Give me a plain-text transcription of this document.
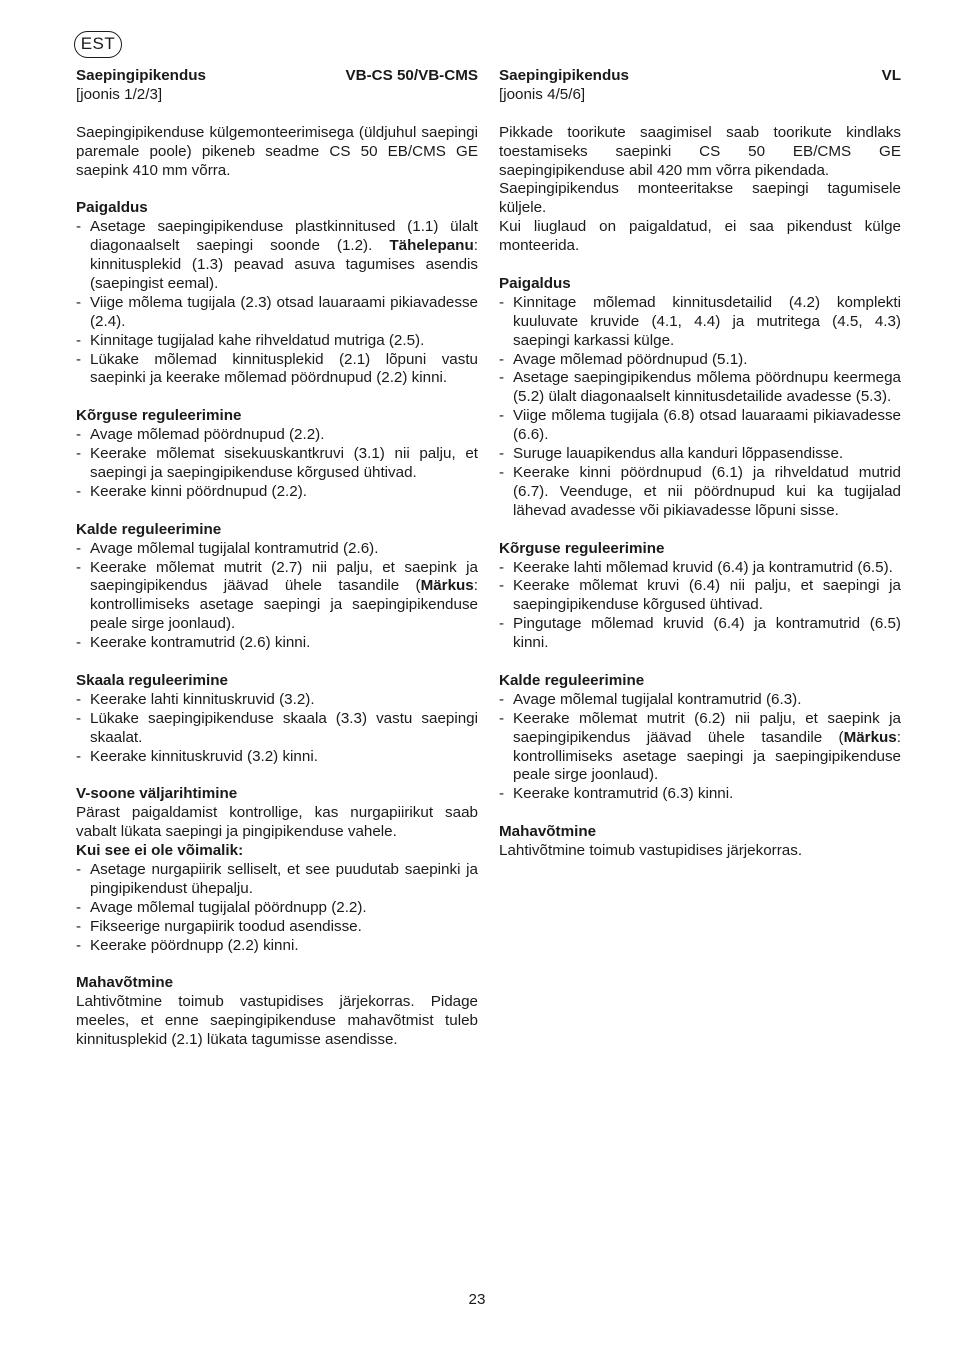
EST
Saepingipikendus	VB-CS 50/VB-CMS
[joonis 1/2/3]

Saepingipikenduse külgemonteerimisega (üldjuhul saepingi paremale poole) pikeneb seadme CS 50 EB/CMS GE saepink 410 mm võrra.

Paigaldus
- Asetage saepingipikenduse plastkinnitused (1.1) ülalt diagonaalselt saepingi soonde (1.2). Tähelepanu: kinnitusplekid (1.3) peavad asuva tagumises asendis (saepingist eemal).
- Viige mõlema tugijala (2.3) otsad lauaraami pikiavadesse (2.4).
- Kinnitage tugijalad kahe rihveldatud mutriga (2.5).
- Lükake mõlemad kinnitusplekid (2.1) lõpuni vastu saepinki ja keerake mõlemad pöördnupud (2.2) kinni.
Kõrguse reguleerimine
- Avage mõlemad pöördnupud (2.2).
- Keerake mõlemat sisekuuskantkruvi (3.1) nii palju, et saepingi ja saepingipikenduse kõrgused ühtivad.
- Keerake kinni pöördnupud (2.2).
Kalde reguleerimine
- Avage mõlemal tugijalal kontramutrid (2.6).
- Keerake mõlemat mutrit (2.7) nii palju, et saepink ja saepingipikendus jäävad ühele tasandile (Märkus: kontrollimiseks asetage saepingi ja saepingipikenduse peale sirge joonlaud).
- Keerake kontramutrid (2.6) kinni.
Skaala reguleerimine
- Keerake lahti kinnituskruvid (3.2).
- Lükake saepingipikenduse skaala (3.3) vastu saepingi skaalat.
- Keerake kinnituskruvid (3.2) kinni.
V-soone väljarihtimine

Pärast paigaldamist kontrollige, kas nurgapiirikut saab vabalt lükata saepingi ja pingipikenduse vahele.

Kui see ei ole võimalik:
- Asetage nurgapiirik selliselt, et see puudutab saepinki ja pingipikendust ühepalju.
- Avage mõlemal tugijalal pöördnupp (2.2).
- Fikseerige nurgapiirik toodud asendisse.
- Keerake pöördnupp (2.2) kinni.
Mahavõtmine

Lahtivõtmine toimub vastupidises järjekorras. Pidage meeles, et enne saepingipikenduse mahavõtmist tuleb kinnitusplekid (2.1) lükata tagumisse asendisse.

Saepingipikendus	VL
[joonis 4/5/6]

Pikkade toorikute saagimisel saab toorikute kindlaks toestamiseks saepinki CS 50 EB/CMS GE saepingipikenduse abil 420 mm võrra pikendada.

Saepingipikendus monteeritakse saepingi tagumisele küljele.

Kui liuglaud on paigaldatud, ei saa pikendust külge monteerida.

Paigaldus
- Kinnitage mõlemad kinnitusdetailid (4.2) komplekti kuuluvate kruvide (4.1, 4.4) ja mutritega (4.5, 4.3) saepingi karkassi külge.
- Avage mõlemad pöördnupud (5.1).
- Asetage saepingipikendus mõlema pöördnupu keermega (5.2) ülalt diagonaalselt kinnitusdetailide avadesse (5.3).
- Viige mõlema tugijala (6.8) otsad lauaraami pikiavadesse (6.6).
- Suruge lauapikendus alla kanduri lõppasendisse.
- Keerake kinni pöördnupud (6.1) ja rihveldatud mutrid (6.7). Veenduge, et nii pöördnupud kui ka tugijalad lähevad avadesse või pikiavadesse lõpuni sisse.
Kõrguse reguleerimine
- Keerake lahti mõlemad kruvid (6.4) ja kontramutrid (6.5).
- Keerake mõlemat kruvi (6.4) nii palju, et saepingi ja saepingipikenduse kõrgused ühtivad.
- Pingutage mõlemad kruvid (6.4) ja kontramutrid (6.5) kinni.
Kalde reguleerimine
- Avage mõlemal tugijalal kontramutrid (6.3).
- Keerake mõlemat mutrit (6.2) nii palju, et saepink ja saepingipikendus jäävad ühele tasandile (Märkus: kontrollimiseks asetage saepingi ja saepingipikenduse peale sirge joonlaud).
- Keerake kontramutrid (6.3) kinni.
Mahavõtmine

Lahtivõtmine toimub vastupidises järjekorras.

23
